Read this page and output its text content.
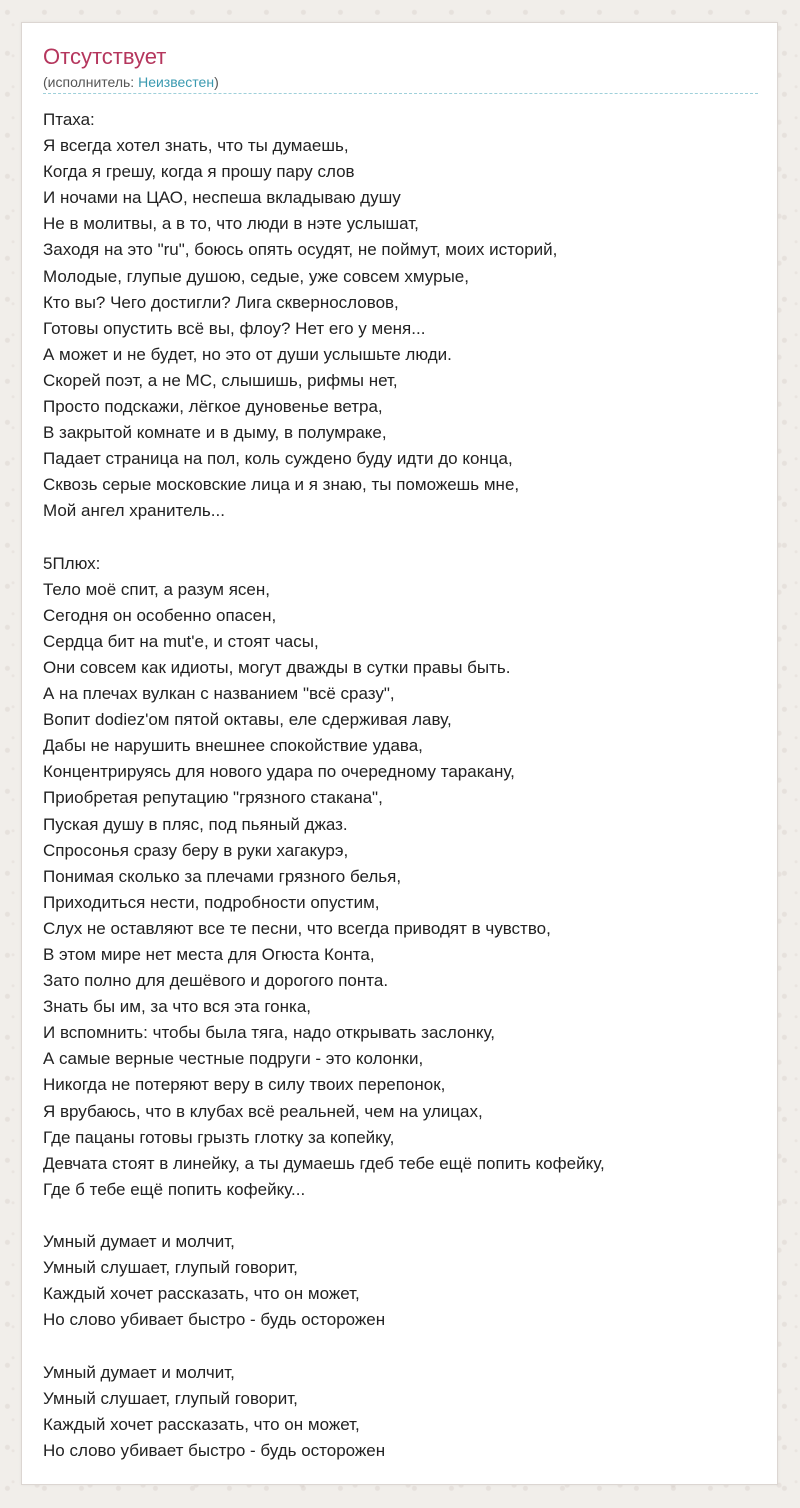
Отсутствует
(исполнитель: Неизвестен)
Птаха:
Я всегда хотел знать, что ты думаешь,
Когда я грешу, когда я прошу пару слов
И ночами на ЦАО, неспеша вкладываю душу
Не в молитвы, а в то, что люди в нэте услышат,
Заходя на это "ru", боюсь опять осудят, не поймут, моих историй,
Молодые, глупые душою, седые, уже совсем хмурые,
Кто вы? Чего достигли? Лига сквернословов,
Готовы опустить всё вы, флоу? Нет его у меня...
А может и не будет, но это от души услышьте люди.
Скорей поэт, а не МС, слышишь, рифмы нет,
Просто подскажи, лёгкое дуновенье ветра,
В закрытой комнате и в дыму, в полумраке,
Падает страница на пол, коль суждено буду идти до конца,
Сквозь серые московские лица и я знаю, ты поможешь мне,
Мой ангел хранитель...
5Плюх:
Тело моё спит, а разум ясен,
Сегодня он особенно опасен,
Сердца бит на mut'e, и стоят часы,
Они совсем как идиоты, могут дважды в сутки правы быть.
А на плечах вулкан с названием "всё сразу",
Вопит dodiez'ом пятой октавы, еле сдерживая лаву,
Дабы не нарушить внешнее спокойствие удава,
Концентрируясь для нового удара по очередному таракану,
Приобретая репутацию "грязного стакана",
Пуская душу в пляс, под пьяный джаз.
Спросонья сразу беру в руки хагакурэ,
Понимая сколько за плечами грязного белья,
Приходиться нести, подробности опустим,
Слух не оставляют все те песни, что всегда приводят в чувство,
В этом мире нет места для Огюста Конта,
Зато полно для дешёвого и дорогого понта.
Знать бы им, за что вся эта гонка,
И вспомнить: чтобы была тяга, надо открывать заслонку,
А самые верные честные подруги - это колонки,
Никогда не потеряют веру в силу твоих перепонок,
Я врубаюсь, что в клубах всё реальней, чем на улицах,
Где пацаны готовы грызть глотку за копейку,
Девчата стоят в линейку, а ты думаешь гдеб тебе ещё попить кофейку,
Где б тебе ещё попить кофейку...
Умный думает и молчит,
Умный слушает, глупый говорит,
Каждый хочет рассказать, что он может,
Но слово убивает быстро - будь осторожен
Умный думает и молчит,
Умный слушает, глупый говорит,
Каждый хочет рассказать, что он может,
Но слово убивает быстро - будь осторожен
